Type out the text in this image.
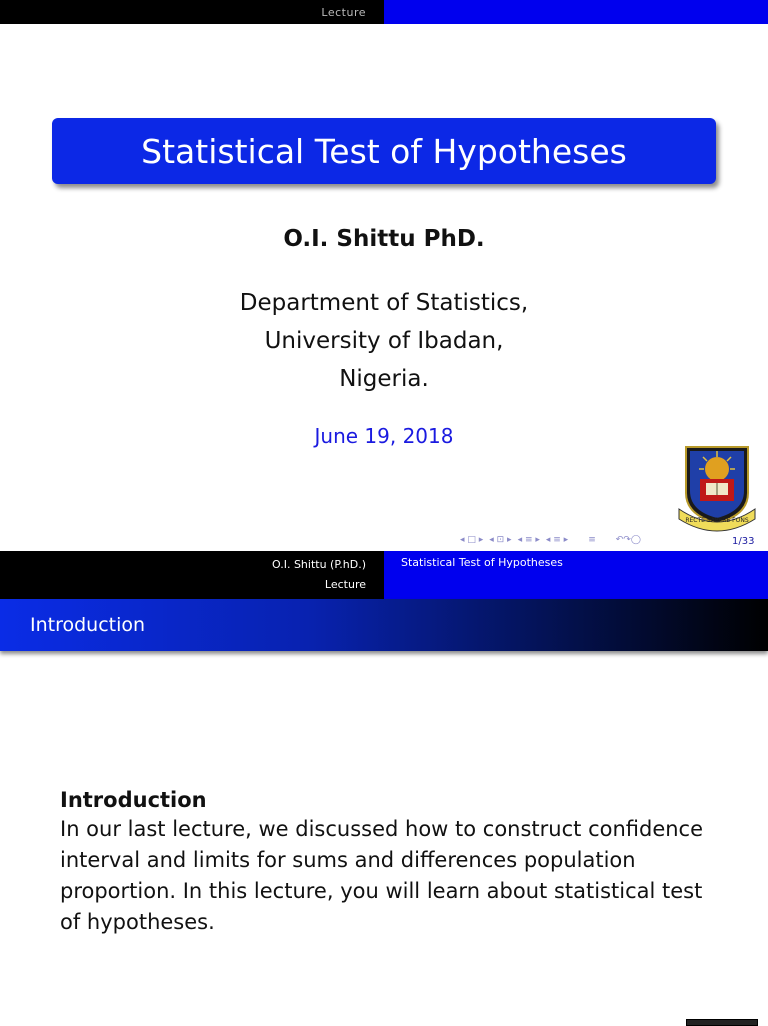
Lecture
Statistical Test of Hypotheses
O.I. Shittu PhD.
Department of Statistics,
University of Ibadan,
Nigeria.
June 19, 2018
RECTE SAPERE FONS
◂ □ ▸ ◂ ⊡ ▸ ◂ ≡ ▸ ◂ ≡ ▸ ≡ ↶↷◯	1/33
O.I. Shittu (P.hD.)
Lecture
Statistical Test of Hypotheses
Introduction
Introduction
In our last lecture, we discussed how to construct confidence interval and limits for sums and differences population proportion. In this lecture, you will learn about statistical test of hypotheses.
